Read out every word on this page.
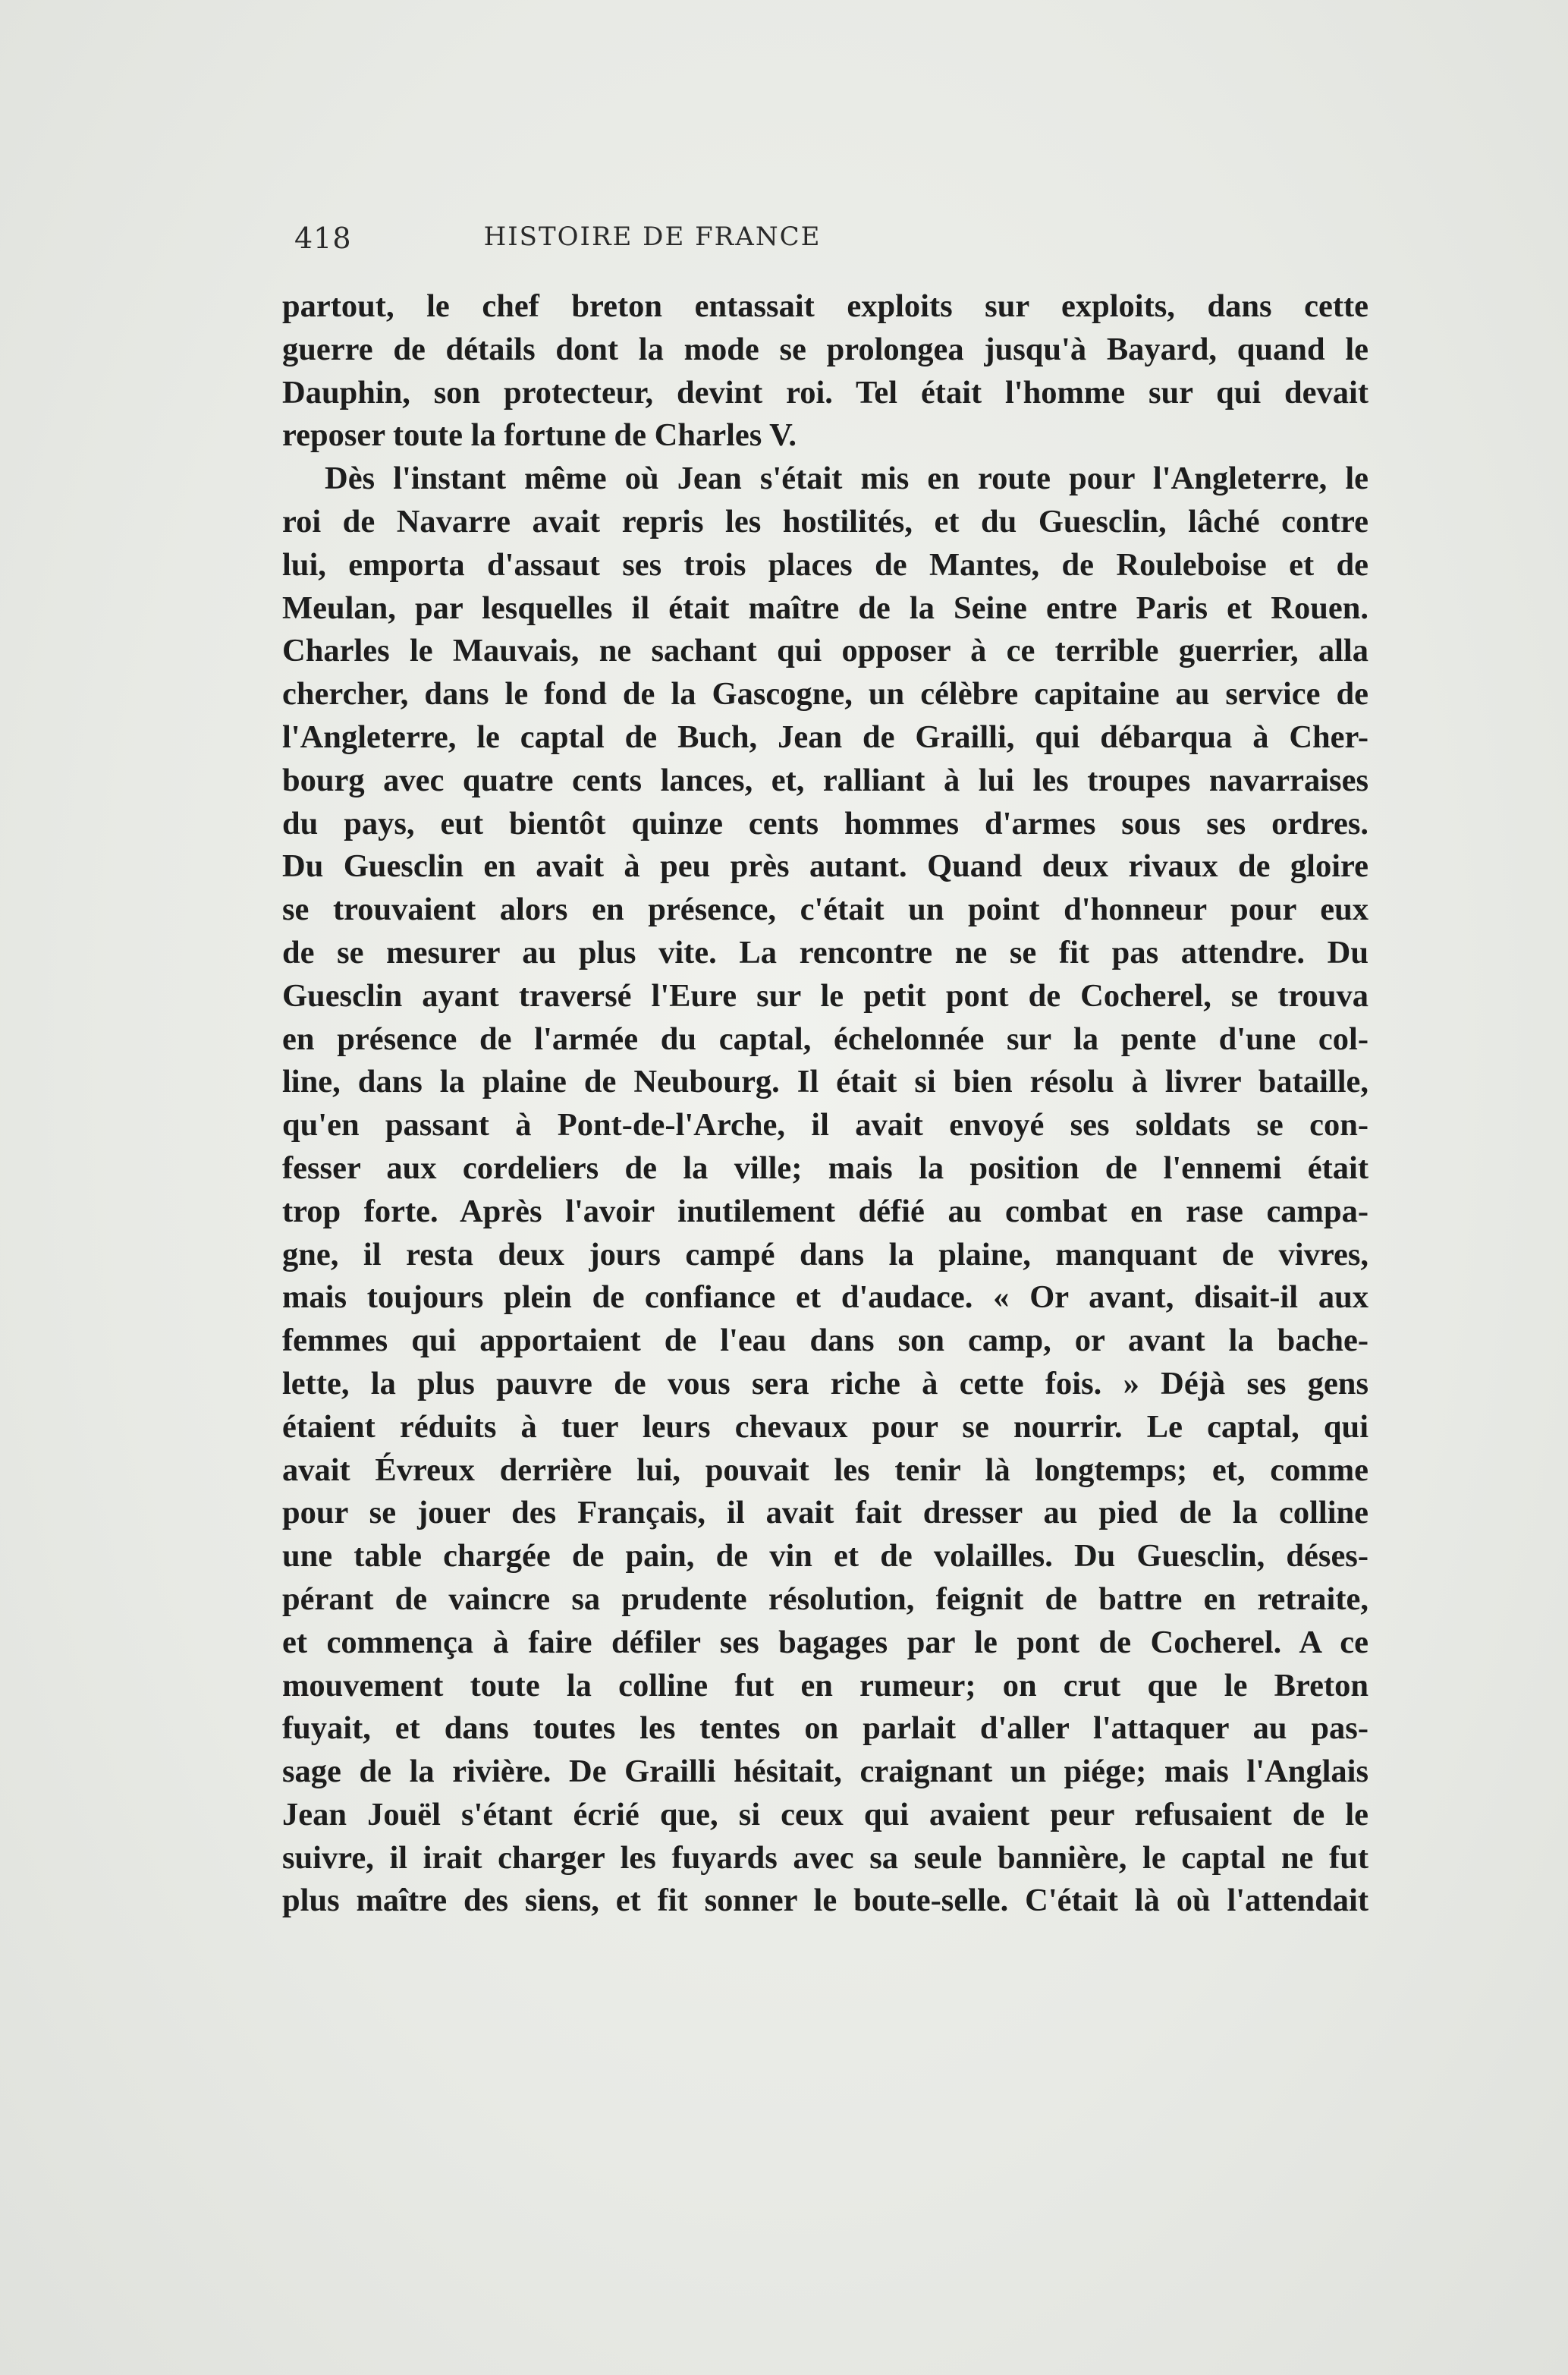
418	HISTOIRE DE FRANCE
partout, le chef breton entassait exploits sur exploits, dans cette
guerre de détails dont la mode se prolongea jusqu'à Bayard, quand le
Dauphin, son protecteur, devint roi. Tel était l'homme sur qui devait
reposer toute la fortune de Charles V.
Dès l'instant même où Jean s'était mis en route pour l'Angleterre, le
roi de Navarre avait repris les hostilités, et du Guesclin, lâché contre
lui, emporta d'assaut ses trois places de Mantes, de Rouleboise et de
Meulan, par lesquelles il était maître de la Seine entre Paris et Rouen.
Charles le Mauvais, ne sachant qui opposer à ce terrible guerrier, alla
chercher, dans le fond de la Gascogne, un célèbre capitaine au service de
l'Angleterre, le captal de Buch, Jean de Grailli, qui débarqua à Cher-
bourg avec quatre cents lances, et, ralliant à lui les troupes navarraises
du pays, eut bientôt quinze cents hommes d'armes sous ses ordres.
Du Guesclin en avait à peu près autant. Quand deux rivaux de gloire
se trouvaient alors en présence, c'était un point d'honneur pour eux
de se mesurer au plus vite. La rencontre ne se fit pas attendre. Du
Guesclin ayant traversé l'Eure sur le petit pont de Cocherel, se trouva
en présence de l'armée du captal, échelonnée sur la pente d'une col-
line, dans la plaine de Neubourg. Il était si bien résolu à livrer bataille,
qu'en passant à Pont-de-l'Arche, il avait envoyé ses soldats se con-
fesser aux cordeliers de la ville; mais la position de l'ennemi était
trop forte. Après l'avoir inutilement défié au combat en rase campa-
gne, il resta deux jours campé dans la plaine, manquant de vivres,
mais toujours plein de confiance et d'audace. « Or avant, disait-il aux
femmes qui apportaient de l'eau dans son camp, or avant la bache-
lette, la plus pauvre de vous sera riche à cette fois. » Déjà ses gens
étaient réduits à tuer leurs chevaux pour se nourrir. Le captal, qui
avait Évreux derrière lui, pouvait les tenir là longtemps; et, comme
pour se jouer des Français, il avait fait dresser au pied de la colline
une table chargée de pain, de vin et de volailles. Du Guesclin, déses-
pérant de vaincre sa prudente résolution, feignit de battre en retraite,
et commença à faire défiler ses bagages par le pont de Cocherel. A ce
mouvement toute la colline fut en rumeur; on crut que le Breton
fuyait, et dans toutes les tentes on parlait d'aller l'attaquer au pas-
sage de la rivière. De Grailli hésitait, craignant un piége; mais l'Anglais
Jean Jouël s'étant écrié que, si ceux qui avaient peur refusaient de le
suivre, il irait charger les fuyards avec sa seule bannière, le captal ne fut
plus maître des siens, et fit sonner le boute-selle. C'était là où l'attendait
